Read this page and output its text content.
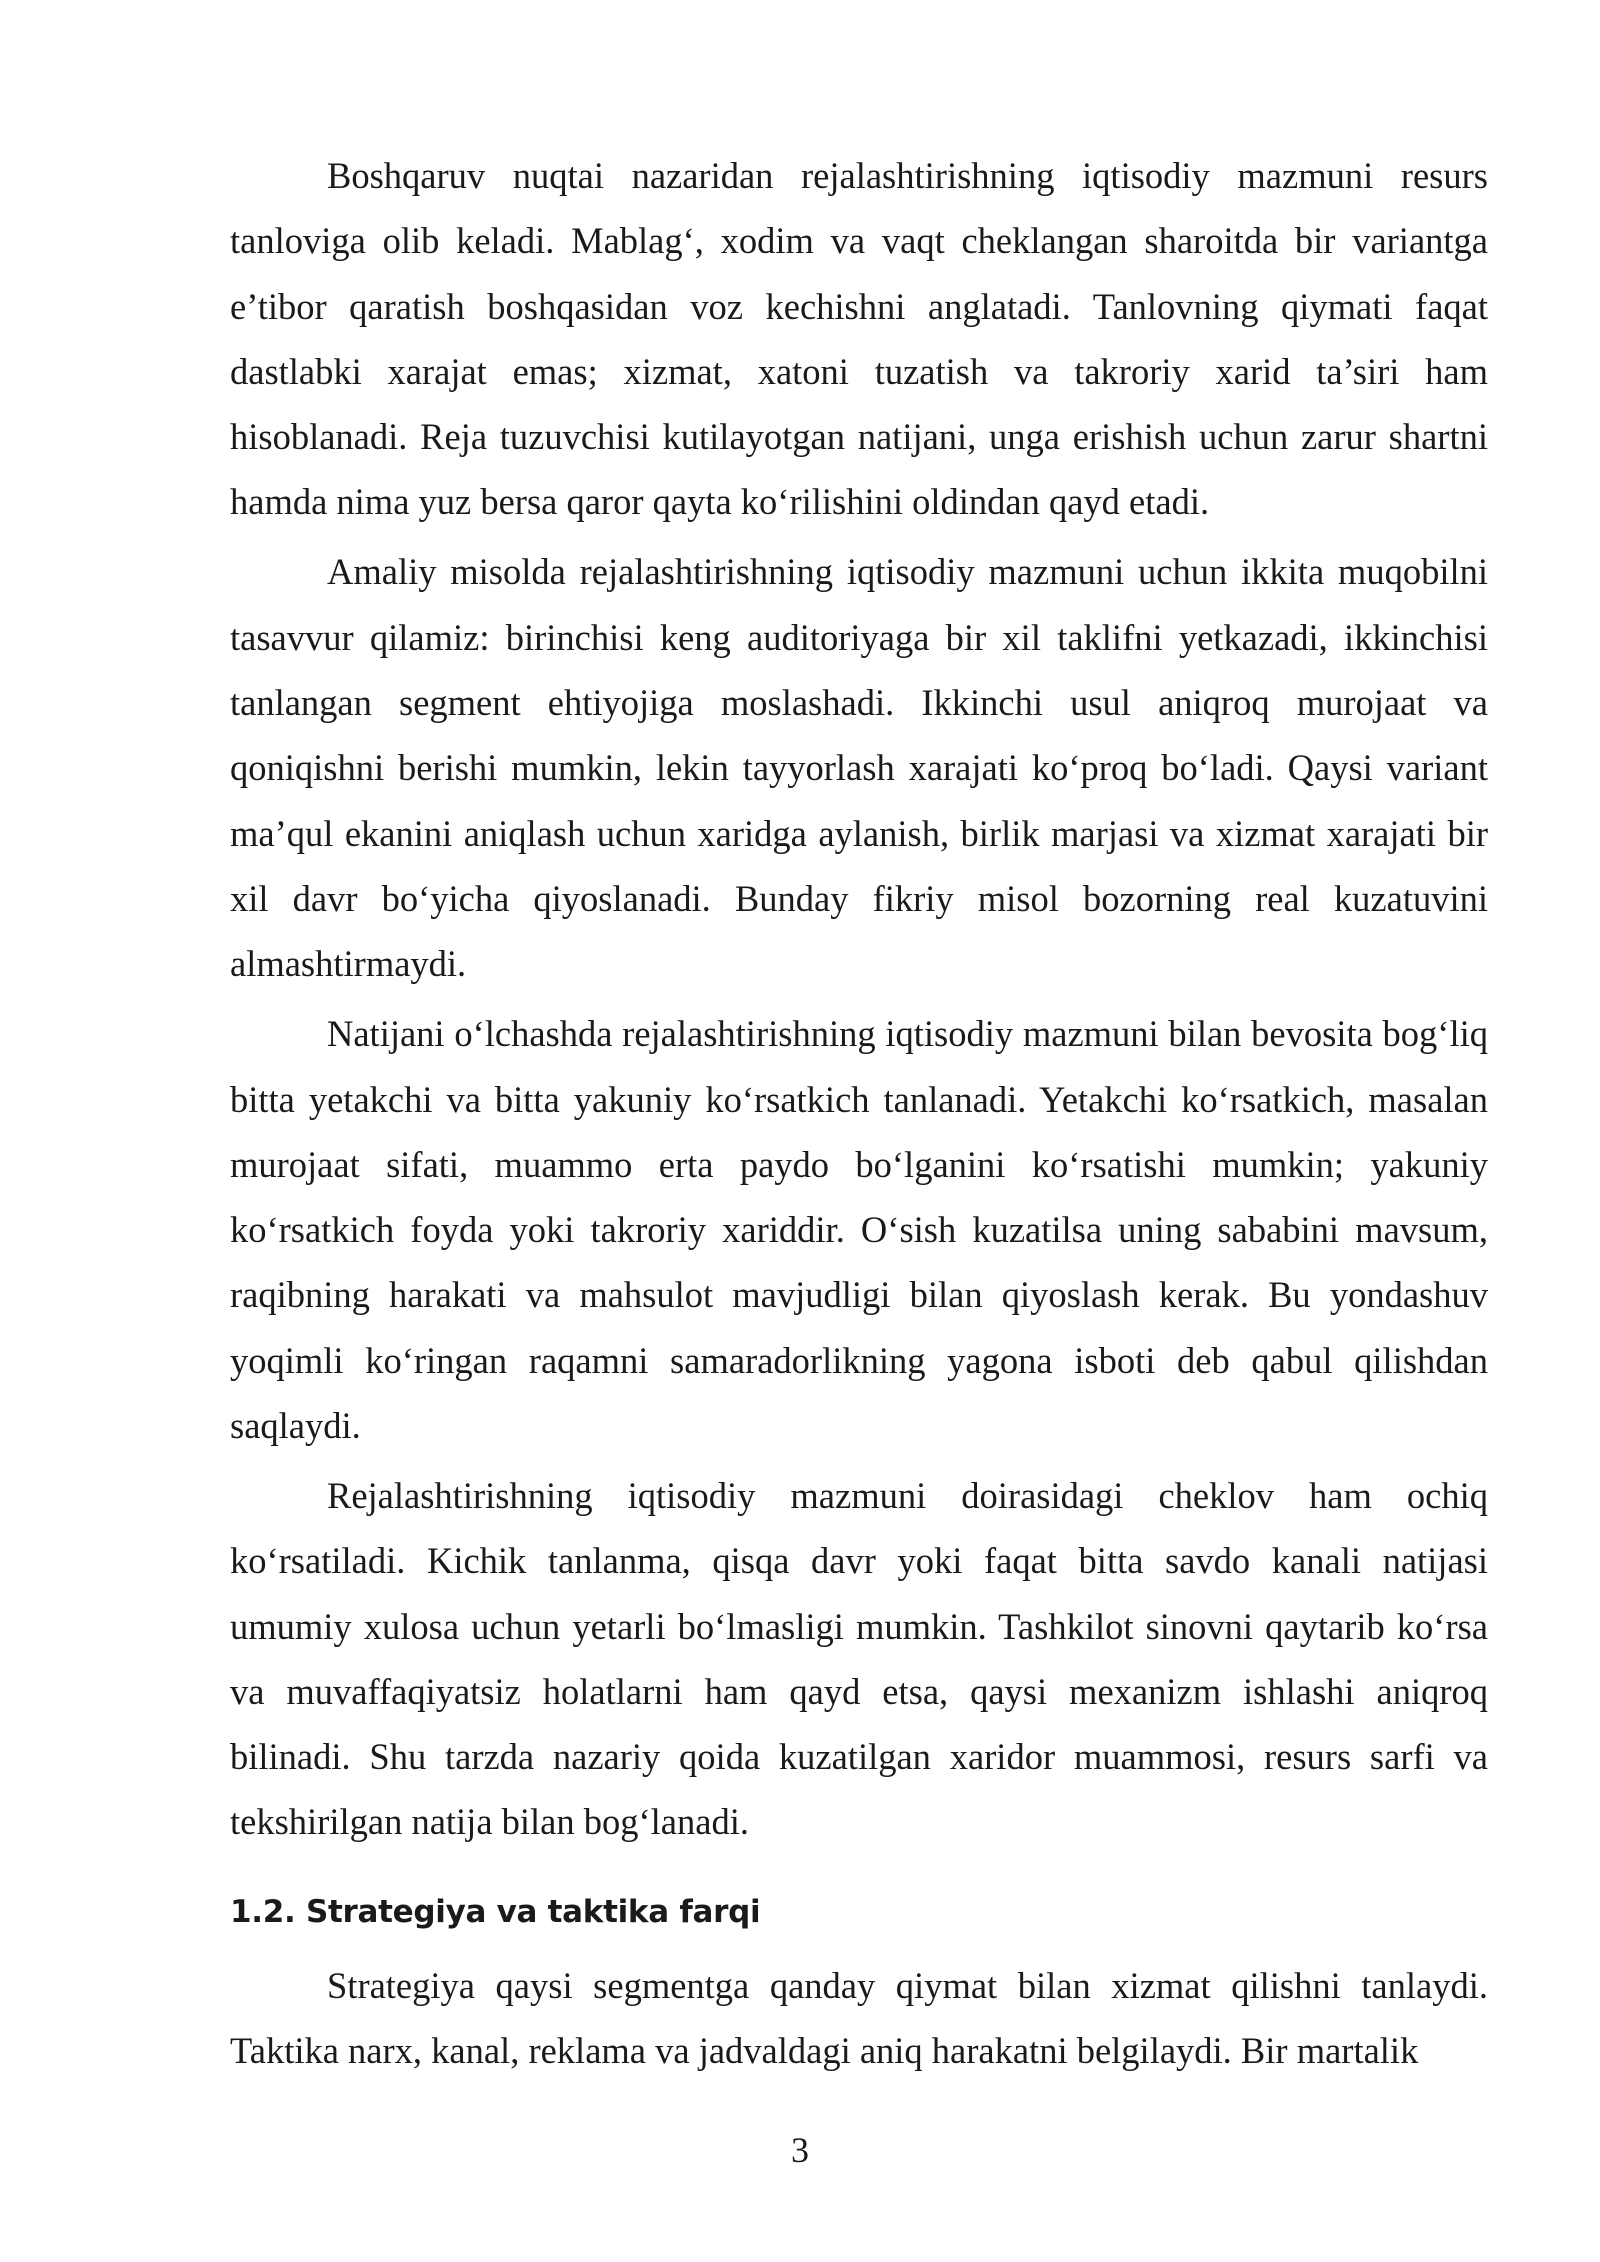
Boshqaruv nuqtai nazaridan rejalashtirishning iqtisodiy mazmuni resurs tanloviga olib keladi. Mablag‘, xodim va vaqt cheklangan sharoitda bir variantga e’tibor qaratish boshqasidan voz kechishni anglatadi. Tanlovning qiymati faqat dastlabki xarajat emas; xizmat, xatoni tuzatish va takroriy xarid ta’siri ham hisoblanadi. Reja tuzuvchisi kutilayotgan natijani, unga erishish uchun zarur shartni hamda nima yuz bersa qaror qayta ko‘rilishini oldindan qayd etadi.

Amaliy misolda rejalashtirishning iqtisodiy mazmuni uchun ikkita muqobilni tasavvur qilamiz: birinchisi keng auditoriyaga bir xil taklifni yetkazadi, ikkinchisi tanlangan segment ehtiyojiga moslashadi. Ikkinchi usul aniqroq murojaat va qoniqishni berishi mumkin, lekin tayyorlash xarajati ko‘proq bo‘ladi. Qaysi variant ma’qul ekanini aniqlash uchun xaridga aylanish, birlik marjasi va xizmat xarajati bir xil davr bo‘yicha qiyoslanadi. Bunday fikriy misol bozorning real kuzatuvini almashtirmaydi.

Natijani o‘lchashda rejalashtirishning iqtisodiy mazmuni bilan bevosita bog‘liq bitta yetakchi va bitta yakuniy ko‘rsatkich tanlanadi. Yetakchi ko‘rsatkich, masalan murojaat sifati, muammo erta paydo bo‘lganini ko‘rsatishi mumkin; yakuniy ko‘rsatkich foyda yoki takroriy xariddir. O‘sish kuzatilsa uning sababini mavsum, raqibning harakati va mahsulot mavjudligi bilan qiyoslash kerak. Bu yondashuv yoqimli ko‘ringan raqamni samaradorlikning yagona isboti deb qabul qilishdan saqlaydi.

Rejalashtirishning iqtisodiy mazmuni doirasidagi cheklov ham ochiq ko‘rsatiladi. Kichik tanlanma, qisqa davr yoki faqat bitta savdo kanali natijasi umumiy xulosa uchun yetarli bo‘lmasligi mumkin. Tashkilot sinovni qaytarib ko‘rsa va muvaffaqiyatsiz holatlarni ham qayd etsa, qaysi mexanizm ishlashi aniqroq bilinadi. Shu tarzda nazariy qoida kuzatilgan xaridor muammosi, resurs sarfi va tekshirilgan natija bilan bog‘lanadi.

1.2. Strategiya va taktika farqi

Strategiya qaysi segmentga qanday qiymat bilan xizmat qilishni tanlaydi. Taktika narx, kanal, reklama va jadvaldagi aniq harakatni belgilaydi. Bir martalik

3
